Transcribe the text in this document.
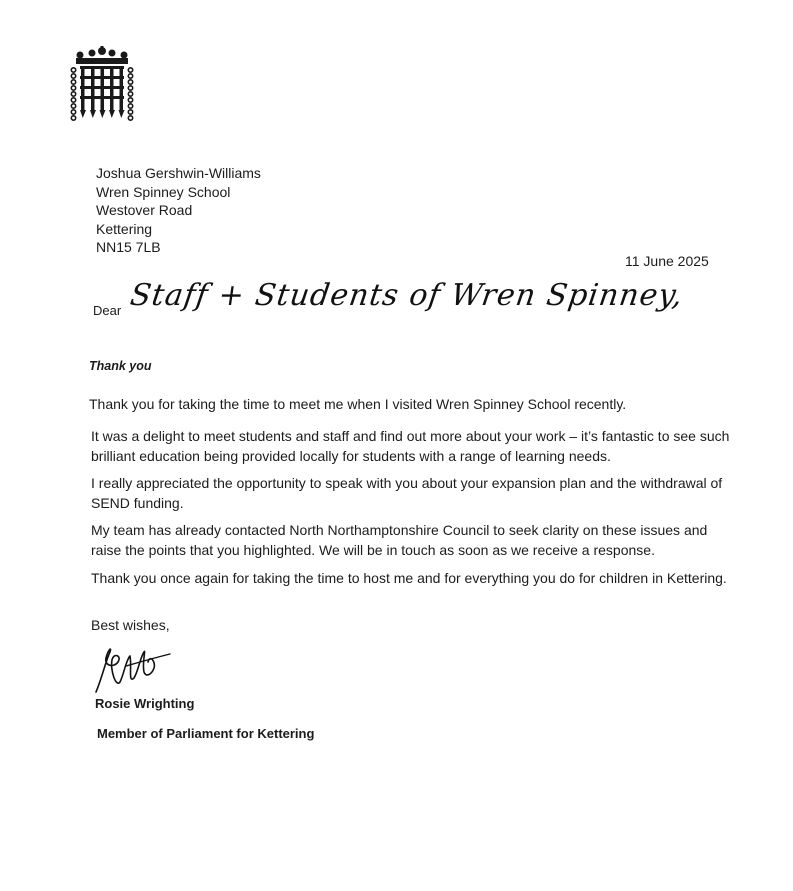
Joshua Gershwin-Williams
Wren Spinney School
Westover Road
Kettering
NN15 7LB
11 June 2025
Dear Staff + Students of Wren Spinney,
Thank you
Thank you for taking the time to meet me when I visited Wren Spinney School recently.
It was a delight to meet students and staff and find out more about your work – it’s fantastic to see such brilliant education being provided locally for students with a range of learning needs.
I really appreciated the opportunity to speak with you about your expansion plan and the withdrawal of SEND funding.
My team has already contacted North Northamptonshire Council to seek clarity on these issues and raise the points that you highlighted. We will be in touch as soon as we receive a response.
Thank you once again for taking the time to host me and for everything you do for children in Kettering.
Best wishes,
Rosie Wrighting
Member of Parliament for Kettering
